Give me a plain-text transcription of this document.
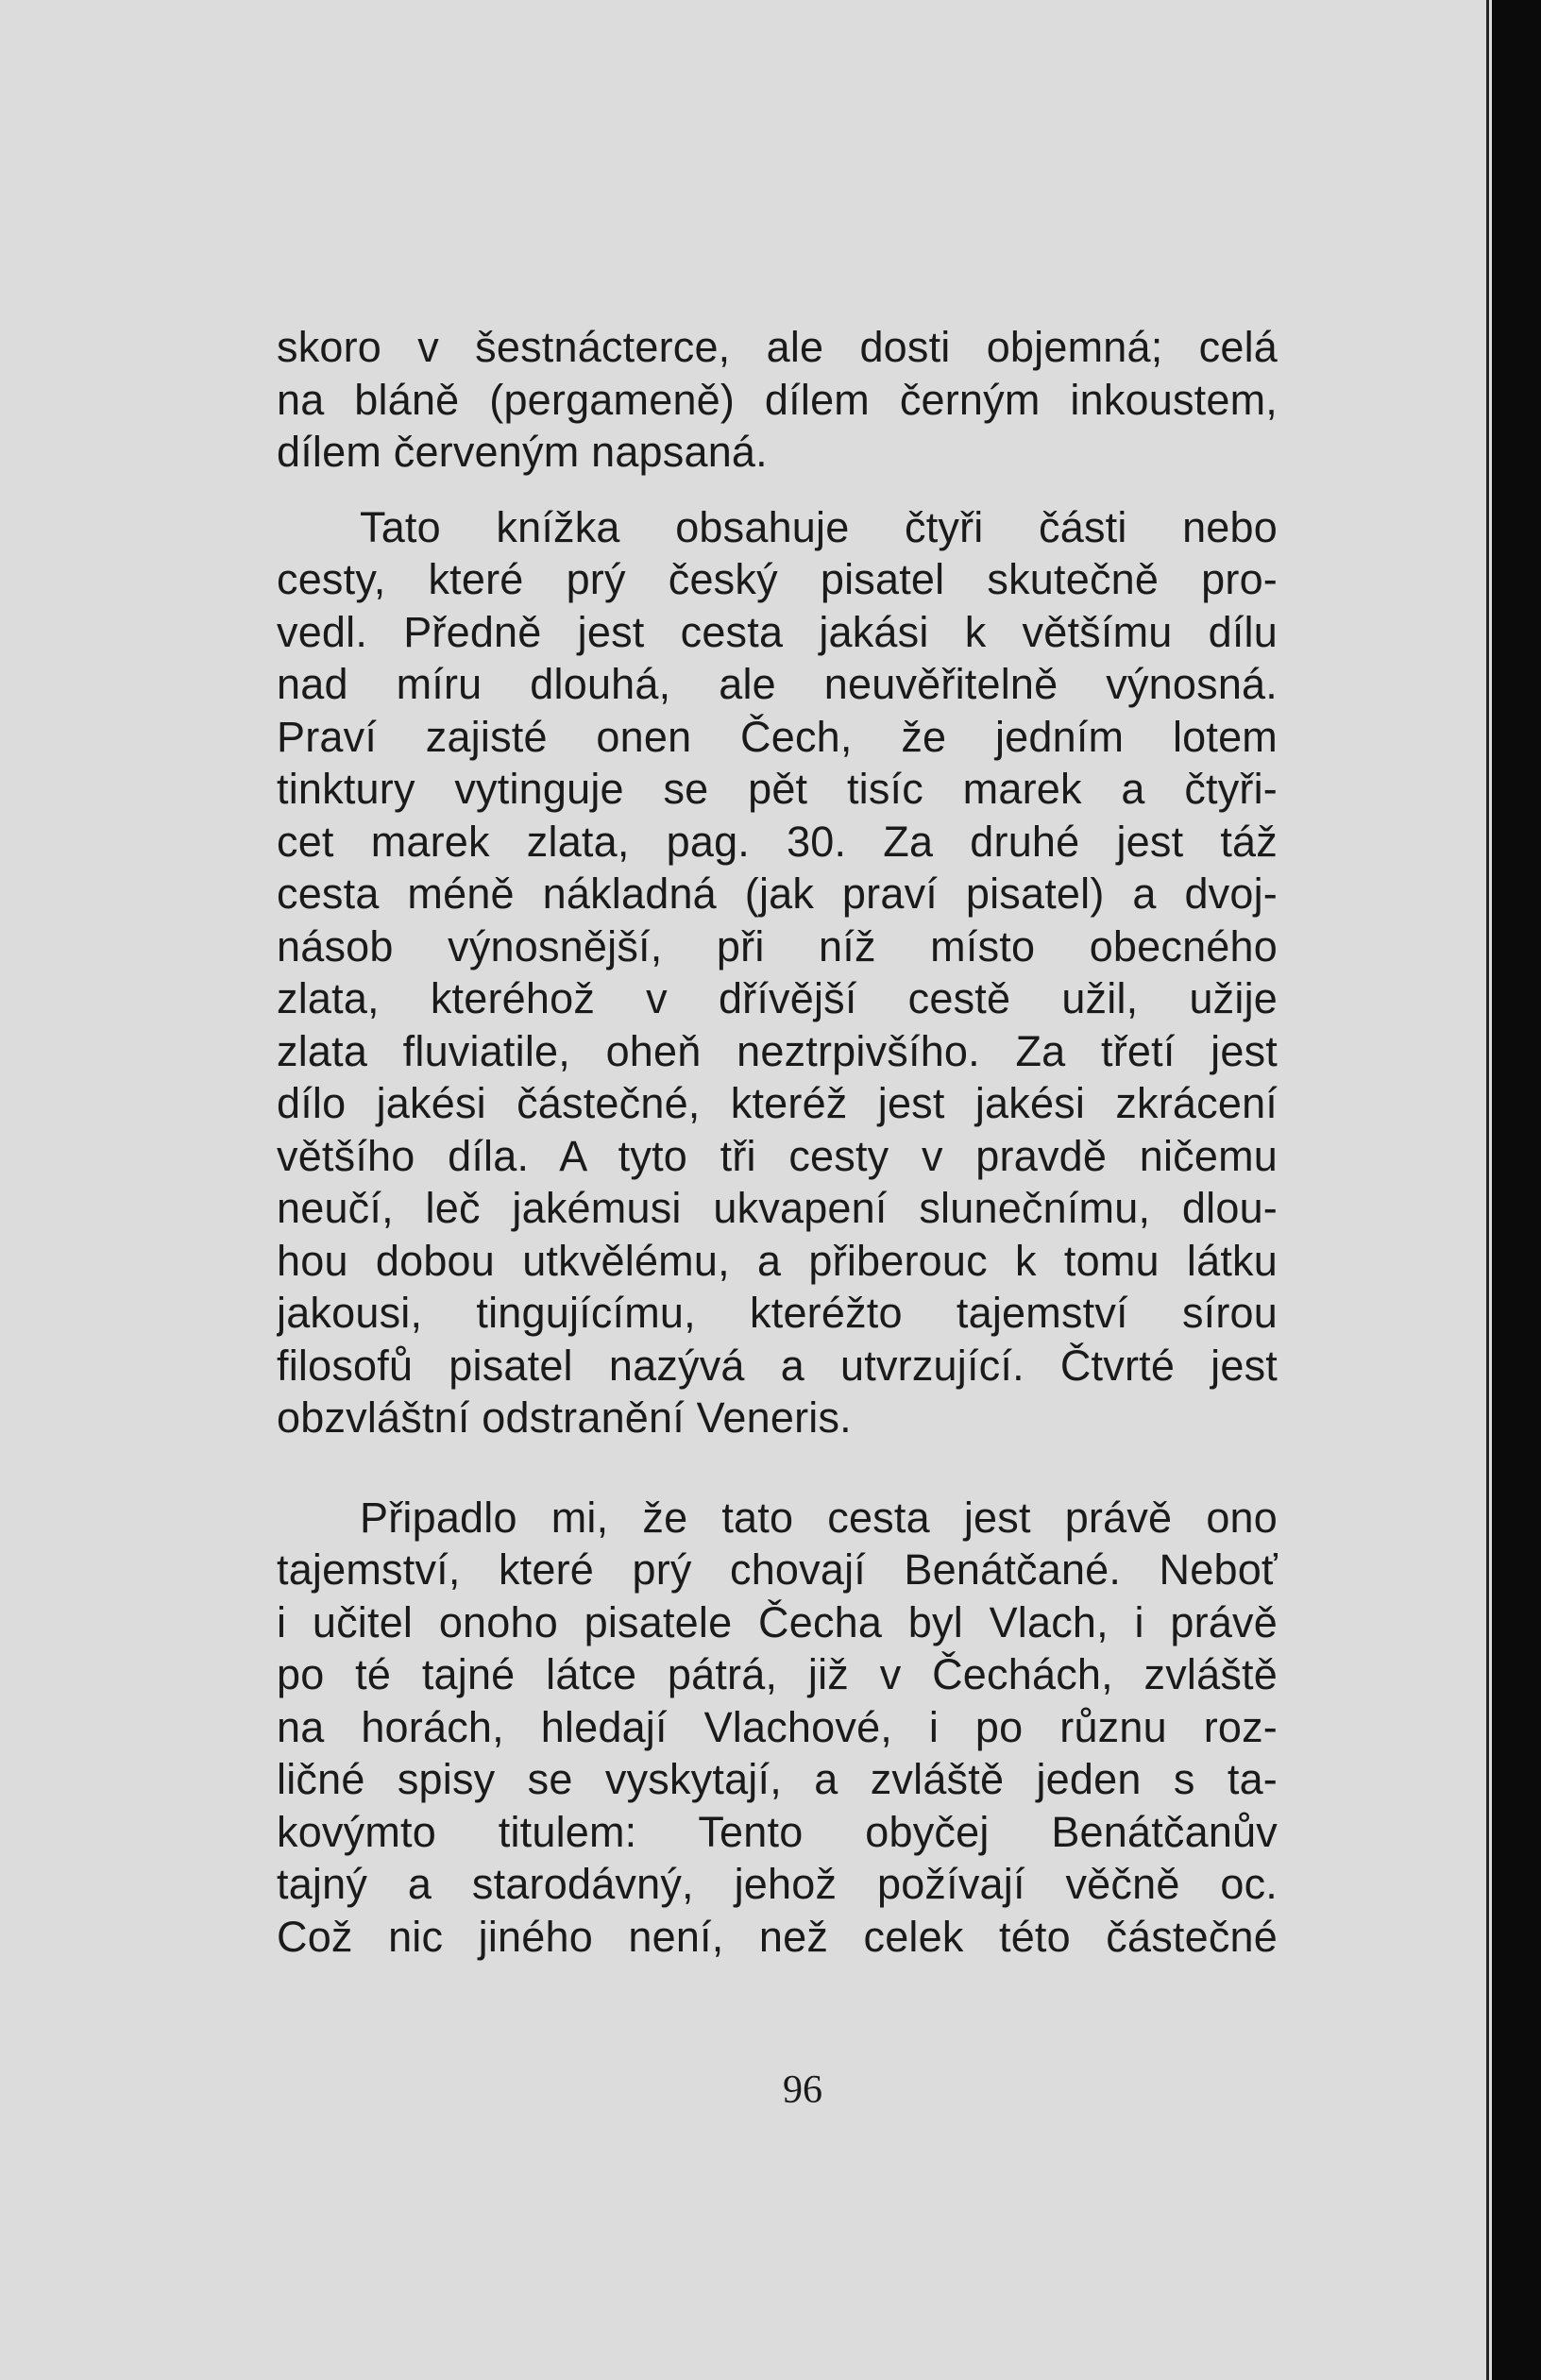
skoro v šestnácterce, ale dosti objemná; celá
na bláně (pergameně) dílem černým inkoustem,
dílem červeným napsaná.
Tato knížka obsahuje čtyři části nebo
cesty, které prý český pisatel skutečně pro-
vedl. Předně jest cesta jakási k většímu dílu
nad míru dlouhá, ale neuvěřitelně výnosná.
Praví zajisté onen Čech, že jedním lotem
tinktury vytinguje se pět tisíc marek a čtyři-
cet marek zlata, pag. 30. Za druhé jest táž
cesta méně nákladná (jak praví pisatel) a dvoj-
násob výnosnější, při níž místo obecného
zlata, kteréhož v dřívější cestě užil, užije
zlata fluviatile, oheň neztrpivšího. Za třetí jest
dílo jakési částečné, kteréž jest jakési zkrácení
většího díla. A tyto tři cesty v pravdě ničemu
neučí, leč jakémusi ukvapení slunečnímu, dlou-
hou dobou utkvělému, a přiberouc k tomu látku
jakousi, tingujícímu, kteréžto tajemství sírou
filosofů pisatel nazývá a utvrzující. Čtvrté jest
obzvláštní odstranění Veneris.
Připadlo mi, že tato cesta jest právě ono
tajemství, které prý chovají Benátčané. Neboť
i učitel onoho pisatele Čecha byl Vlach, i právě
po té tajné látce pátrá, již v Čechách, zvláště
na horách, hledají Vlachové, i po různu roz-
ličné spisy se vyskytají, a zvláště jeden s ta-
kovýmto titulem: Tento obyčej Benátčanův
tajný a starodávný, jehož požívají věčně oc.
Což nic jiného není, než celek této částečné
96
